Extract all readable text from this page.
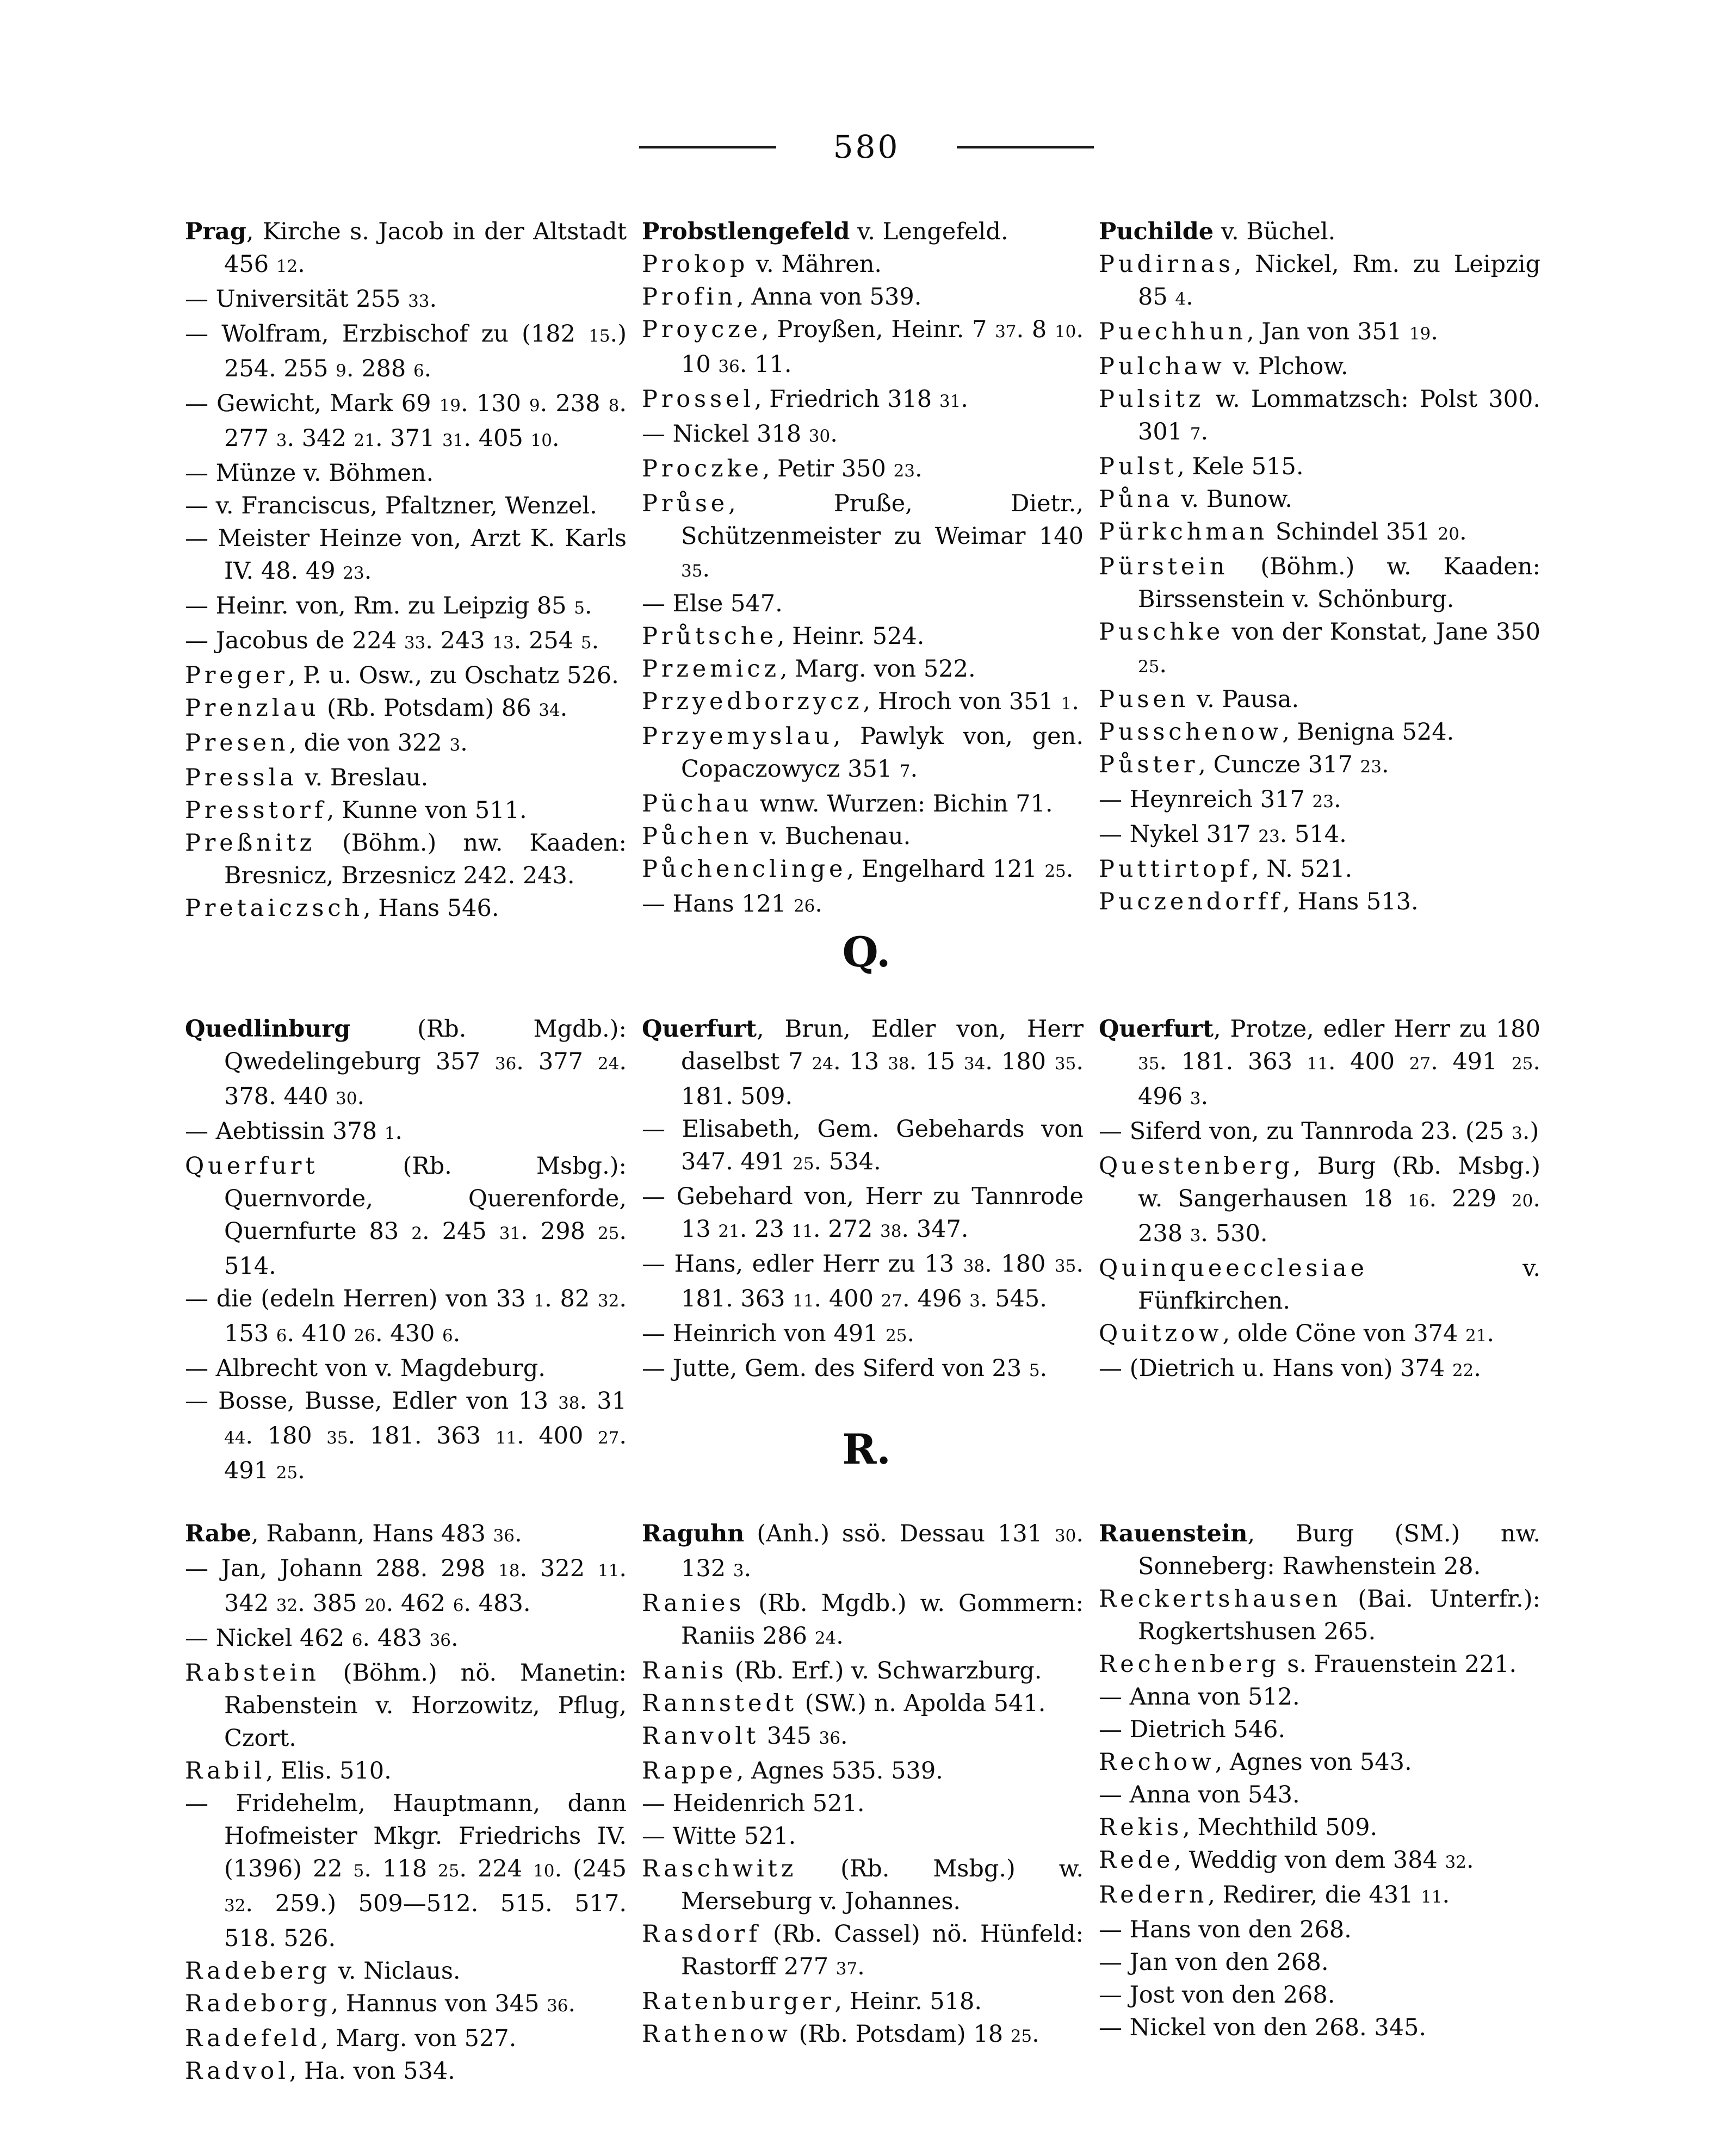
580

Prag, Kirche s. Jacob in der Altstadt 456 12.

— Universität 255 33.

— Wolfram, Erzbischof zu (182 15.) 254. 255 9. 288 6.

— Gewicht, Mark 69 19. 130 9. 238 8. 277 3. 342 21. 371 31. 405 10.

— Münze v. Böhmen.

— v. Franciscus, Pfaltzner, Wenzel.

— Meister Heinze von, Arzt K. Karls IV. 48. 49 23.

— Heinr. von, Rm. zu Leipzig 85 5.

— Jacobus de 224 33. 243 13. 254 5.

Preger, P. u. Osw., zu Oschatz 526.

Prenzlau (Rb. Potsdam) 86 34.

Presen, die von 322 3.

Pressla v. Breslau.

Presstorf, Kunne von 511.

Preßnitz (Böhm.) nw. Kaaden: Bresnicz, Brzesnicz 242. 243.

Pretaiczsch, Hans 546.

Probstlengefeld v. Lengefeld.

Prokop v. Mähren.

Profin, Anna von 539.

Proycze, Proyßen, Heinr. 7 37. 8 10. 10 36. 11.

Prossel, Friedrich 318 31.

— Nickel 318 30.

Proczke, Petir 350 23.

Průse, Pruße, Dietr., Schützenmeister zu Weimar 140 35.

— Else 547.

Průtsche, Heinr. 524.

Przemicz, Marg. von 522.

Przyedborzycz, Hroch von 351 1.

Przyemyslau, Pawlyk von, gen. Copaczowycz 351 7.

Püchau wnw. Wurzen: Bichin 71.

Půchen v. Buchenau.

Půchenclinge, Engelhard 121 25.

— Hans 121 26.

Puchilde v. Büchel.

Pudirnas, Nickel, Rm. zu Leipzig 85 4.

Puechhun, Jan von 351 19.

Pulchaw v. Plchow.

Pulsitz w. Lommatzsch: Polst 300. 301 7.

Pulst, Kele 515.

Půna v. Bunow.

Pürkchman Schindel 351 20.

Pürstein (Böhm.) w. Kaaden: Birssenstein v. Schönburg.

Puschke von der Konstat, Jane 350 25.

Pusen v. Pausa.

Pusschenow, Benigna 524.

Půster, Cuncze 317 23.

— Heynreich 317 23.

— Nykel 317 23. 514.

Puttirtopf, N. 521.

Puczendorff, Hans 513.

Q.

Quedlinburg (Rb. Mgdb.): Qwedelingeburg 357 36. 377 24. 378. 440 30.

— Aebtissin 378 1.

Querfurt (Rb. Msbg.): Quernvorde, Querenforde, Quernfurte 83 2. 245 31. 298 25. 514.

— die (edeln Herren) von 33 1. 82 32. 153 6. 410 26. 430 6.

— Albrecht von v. Magdeburg.

— Bosse, Busse, Edler von 13 38. 31 44. 180 35. 181. 363 11. 400 27. 491 25.

Querfurt, Brun, Edler von, Herr daselbst 7 24. 13 38. 15 34. 180 35. 181. 509.

— Elisabeth, Gem. Gebehards von 347. 491 25. 534.

— Gebehard von, Herr zu Tannrode 13 21. 23 11. 272 38. 347.

— Hans, edler Herr zu 13 38. 180 35. 181. 363 11. 400 27. 496 3. 545.

— Heinrich von 491 25.

— Jutte, Gem. des Siferd von 23 5.

Querfurt, Protze, edler Herr zu 180 35. 181. 363 11. 400 27. 491 25. 496 3.

— Siferd von, zu Tannroda 23. (25 3.)

Questenberg, Burg (Rb. Msbg.) w. Sangerhausen 18 16. 229 20. 238 3. 530.

Quinqueecclesiae v. Fünfkirchen.

Quitzow, olde Cöne von 374 21.

— (Dietrich u. Hans von) 374 22.

R.

Rabe, Rabann, Hans 483 36.

— Jan, Johann 288. 298 18. 322 11. 342 32. 385 20. 462 6. 483.

— Nickel 462 6. 483 36.

Rabstein (Böhm.) nö. Manetin: Rabenstein v. Horzowitz, Pflug, Czort.

Rabil, Elis. 510.

— Fridehelm, Hauptmann, dann Hofmeister Mkgr. Friedrichs IV. (1396) 22 5. 118 25. 224 10. (245 32. 259.) 509—512. 515. 517. 518. 526.

Radeberg v. Niclaus.

Radeborg, Hannus von 345 36.

Radefeld, Marg. von 527.

Radvol, Ha. von 534.

Raguhn (Anh.) ssö. Dessau 131 30. 132 3.

Ranies (Rb. Mgdb.) w. Gommern: Raniis 286 24.

Ranis (Rb. Erf.) v. Schwarzburg.

Rannstedt (SW.) n. Apolda 541.

Ranvolt 345 36.

Rappe, Agnes 535. 539.

— Heidenrich 521.

— Witte 521.

Raschwitz (Rb. Msbg.) w. Merseburg v. Johannes.

Rasdorf (Rb. Cassel) nö. Hünfeld: Rastorff 277 37.

Ratenburger, Heinr. 518.

Rathenow (Rb. Potsdam) 18 25.

Rauenstein, Burg (SM.) nw. Sonneberg: Rawhenstein 28.

Reckertshausen (Bai. Unterfr.): Rogkertshusen 265.

Rechenberg s. Frauenstein 221.

— Anna von 512.

— Dietrich 546.

Rechow, Agnes von 543.

— Anna von 543.

Rekis, Mechthild 509.

Rede, Weddig von dem 384 32.

Redern, Redirer, die 431 11.

— Hans von den 268.

— Jan von den 268.

— Jost von den 268.

— Nickel von den 268. 345.
